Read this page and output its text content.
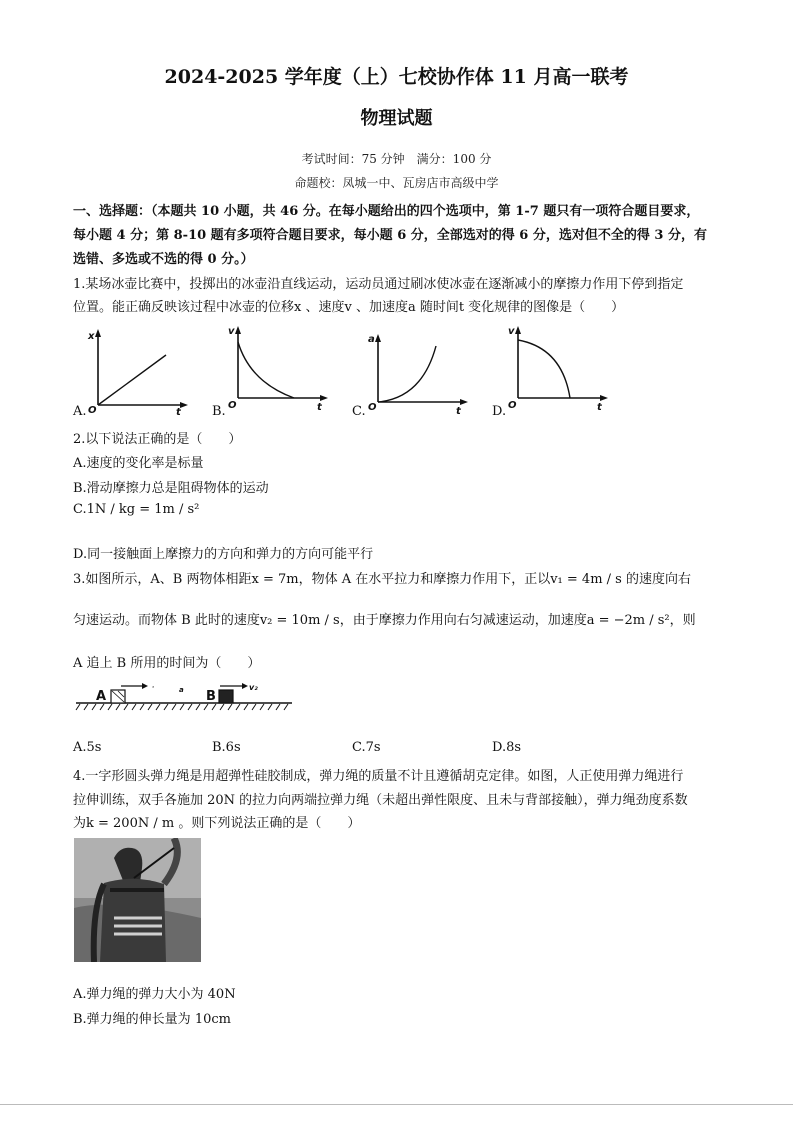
2024-2025 学年度（上）七校协作体 11 月高一联考
物理试题
考试时间：75 分钟　满分：100 分
命题校：凤城一中、瓦房店市高级中学
一、选择题：（本题共 10 小题，共 46 分。在每小题给出的四个选项中，第 1-7 题只有一项符合题目要求，
每小题 4 分；第 8-10 题有多项符合题目要求，每小题 6 分，全部选对的得 6 分，选对但不全的得 3 分，有
选错、多选或不选的得 0 分。）
1.某场冰壶比赛中，投掷出的冰壶沿直线运动，运动员通过刷冰使冰壶在逐渐减小的摩擦力作用下停到指定
位置。能正确反映该过程中冰壶的位移x 、速度v 、加速度a 随时间t 变化规律的图像是（　　）
A.
x
t
O	B.
v
t
O	C.
a
t
O	D.
v
t
O
2.以下说法正确的是（　　）
A.速度的变化率是标量
B.滑动摩擦力总是阻碍物体的运动
C.1N / kg = 1m / s²
D.同一接触面上摩擦力的方向和弹力的方向可能平行
3.如图所示，A、B 两物体相距x = 7m，物体 A 在水平拉力和摩擦力作用下，正以v₁ = 4m / s 的速度向右
匀速运动。而物体 B 此时的速度v₂ = 10m / s，由于摩擦力作用向右匀减速运动，加速度a = −2m / s²，则
A 追上 B 所用的时间为（　　）
A
·	a B
v₂
A.5s	B.6s	C.7s	D.8s
4.一字形圆头弹力绳是用超弹性硅胶制成，弹力绳的质量不计且遵循胡克定律。如图，人正使用弹力绳进行
拉伸训练，双手各施加 20N 的拉力向两端拉弹力绳（未超出弹性限度、且未与背部接触），弹力绳劲度系数
为k = 200N / m 。则下列说法正确的是（　　）
A.弹力绳的弹力大小为 40N
B.弹力绳的伸长量为 10cm
